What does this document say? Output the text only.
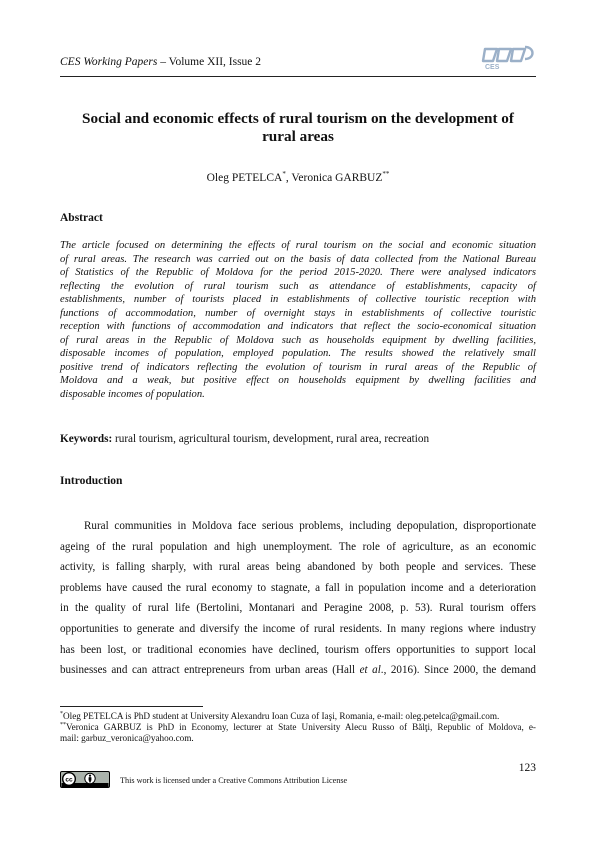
CES Working Papers – Volume XII, Issue 2	CES
Social and economic effects of rural tourism on the development of
rural areas
Oleg PETELCA*, Veronica GARBUZ**
Abstract
The article focused on determining the effects of rural tourism on the social and economic situation
of rural areas. The research was carried out on the basis of data collected from the National Bureau
of Statistics of the Republic of Moldova for the period 2015-2020. There were analysed indicators
reflecting the evolution of rural tourism such as attendance of establishments, capacity of
establishments, number of tourists placed in establishments of collective touristic reception with
functions of accommodation, number of overnight stays in establishments of collective touristic
reception with functions of accommodation and indicators that reflect the socio-economical situation
of rural areas in the Republic of Moldova such as households equipment by dwelling facilities,
disposable incomes of population, employed population. The results showed the relatively small
positive trend of indicators reflecting the evolution of tourism in rural areas of the Republic of
Moldova and a weak, but positive effect on households equipment by dwelling facilities and
disposable incomes of population.
Keywords: rural tourism, agricultural tourism, development, rural area, recreation
Introduction
Rural communities in Moldova face serious problems, including depopulation, disproportionate
ageing of the rural population and high unemployment. The role of agriculture, as an economic
activity, is falling sharply, with rural areas being abandoned by both people and services. These
problems have caused the rural economy to stagnate, a fall in population income and a deterioration
in the quality of rural life (Bertolini, Montanari and Peragine 2008, p. 53). Rural tourism offers
opportunities to generate and diversify the income of rural residents. In many regions where industry
has been lost, or traditional economies have declined, tourism offers opportunities to support local
businesses and can attract entrepreneurs from urban areas (Hall et al., 2016). Since 2000, the demand
*Oleg PETELCA is PhD student at University Alexandru Ioan Cuza of Iaşi, Romania, e-mail: oleg.petelca@gmail.com.
**Veronica GARBUZ is PhD in Economy, lecturer at State University Alecu Russo of Bălţi, Republic of Moldova, e-
mail: garbuz_veronica@yahoo.com.
123
cc	This work is licensed under a Creative Commons Attribution License
